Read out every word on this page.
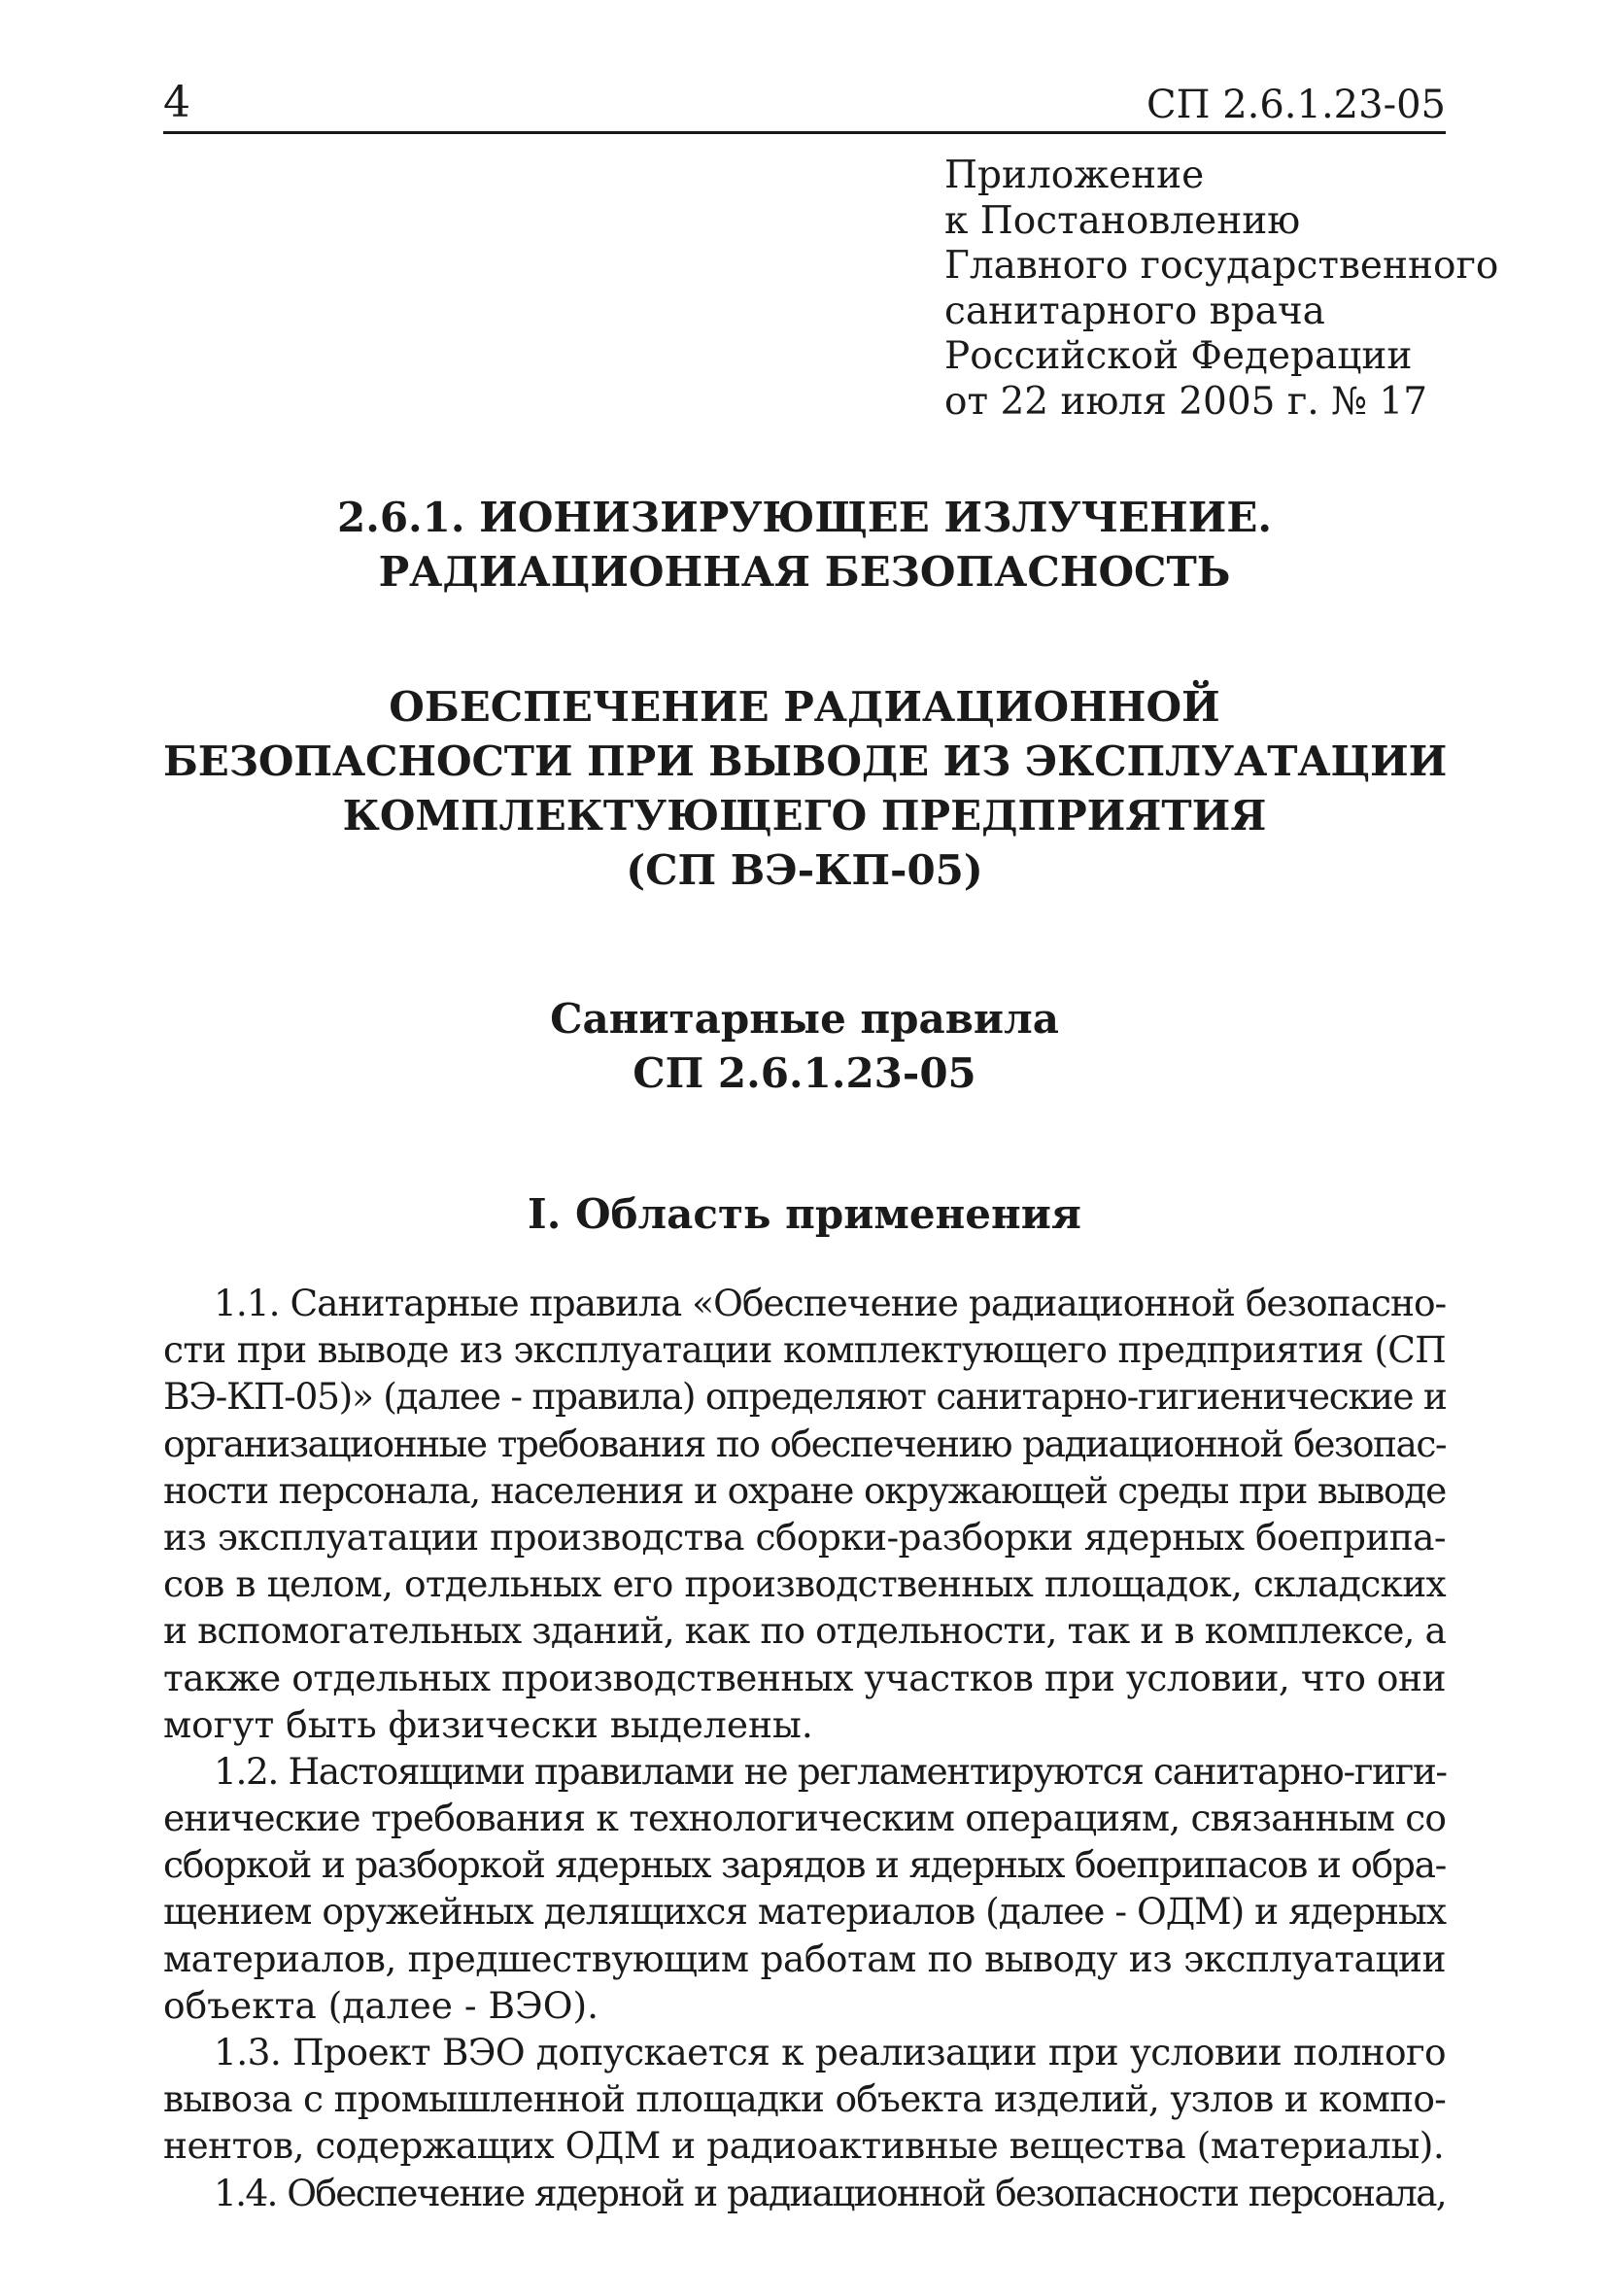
4	СП 2.6.1.23-05
Приложение
к Постановлению
Главного государственного
санитарного врача
Российской Федерации
от 22 июля 2005 г. № 17
2.6.1. ИОНИЗИРУЮЩЕЕ ИЗЛУЧЕНИЕ.
РАДИАЦИОННАЯ БЕЗОПАСНОСТЬ
ОБЕСПЕЧЕНИЕ РАДИАЦИОННОЙ
БЕЗОПАСНОСТИ ПРИ ВЫВОДЕ ИЗ ЭКСПЛУАТАЦИИ
КОМПЛЕКТУЮЩЕГО ПРЕДПРИЯТИЯ
(СП ВЭ-КП-05)
Санитарные правила
СП 2.6.1.23-05
I. Область применения
1.1. Санитарные правила «Обеспечение радиационной безопасно-
сти при выводе из эксплуатации комплектующего предприятия (СП
ВЭ-КП-05)» (далее - правила) определяют санитарно-гигиенические и
организационные требования по обеспечению радиационной безопас-
ности персонала, населения и охране окружающей среды при выводе
из эксплуатации производства сборки-разборки ядерных боеприпа-
сов в целом, отдельных его производственных площадок, складских
и вспомогательных зданий, как по отдельности, так и в комплексе, а
также отдельных производственных участков при условии, что они
могут быть физически выделены.
1.2. Настоящими правилами не регламентируются санитарно-гиги-
енические требования к технологическим операциям, связанным со
сборкой и разборкой ядерных зарядов и ядерных боеприпасов и обра-
щением оружейных делящихся материалов (далее - ОДМ) и ядерных
материалов, предшествующим работам по выводу из эксплуатации
объекта (далее - ВЭО).
1.3. Проект ВЭО допускается к реализации при условии полного
вывоза с промышленной площадки объекта изделий, узлов и компо-
нентов, содержащих ОДМ и радиоактивные вещества (материалы).
1.4. Обеспечение ядерной и радиационной безопасности персонала,
